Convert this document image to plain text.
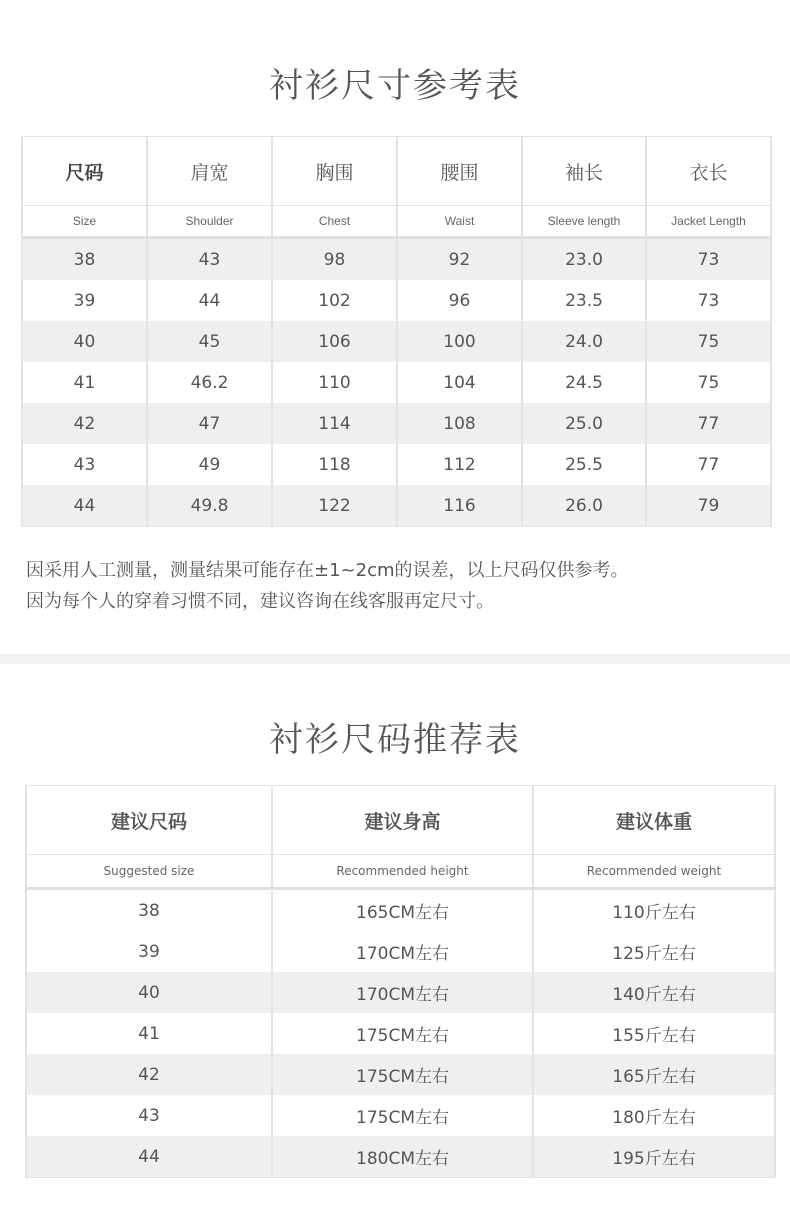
衬衫尺寸参考表
尺码	肩宽	胸围	腰围	袖长	衣长
Size	Shoulder	Chest	Waist	Sleeve length	Jacket Length
38	43	98	92	23.0	73
39	44	102	96	23.5	73
40	45	106	100	24.0	75
41	46.2	110	104	24.5	75
42	47	114	108	25.0	77
43	49	118	112	25.5	77
44	49.8	122	116	26.0	79
因采用人工测量，测量结果可能存在±1~2cm的误差，以上尺码仅供参考。
因为每个人的穿着习惯不同，建议咨询在线客服再定尺寸。
衬衫尺码推荐表
建议尺码	建议身高	建议体重
Suggested size	Recommended height	Recommended weight
38	165CM左右	110斤左右
39	170CM左右	125斤左右
40	170CM左右	140斤左右
41	175CM左右	155斤左右
42	175CM左右	165斤左右
43	175CM左右	180斤左右
44	180CM左右	195斤左右
